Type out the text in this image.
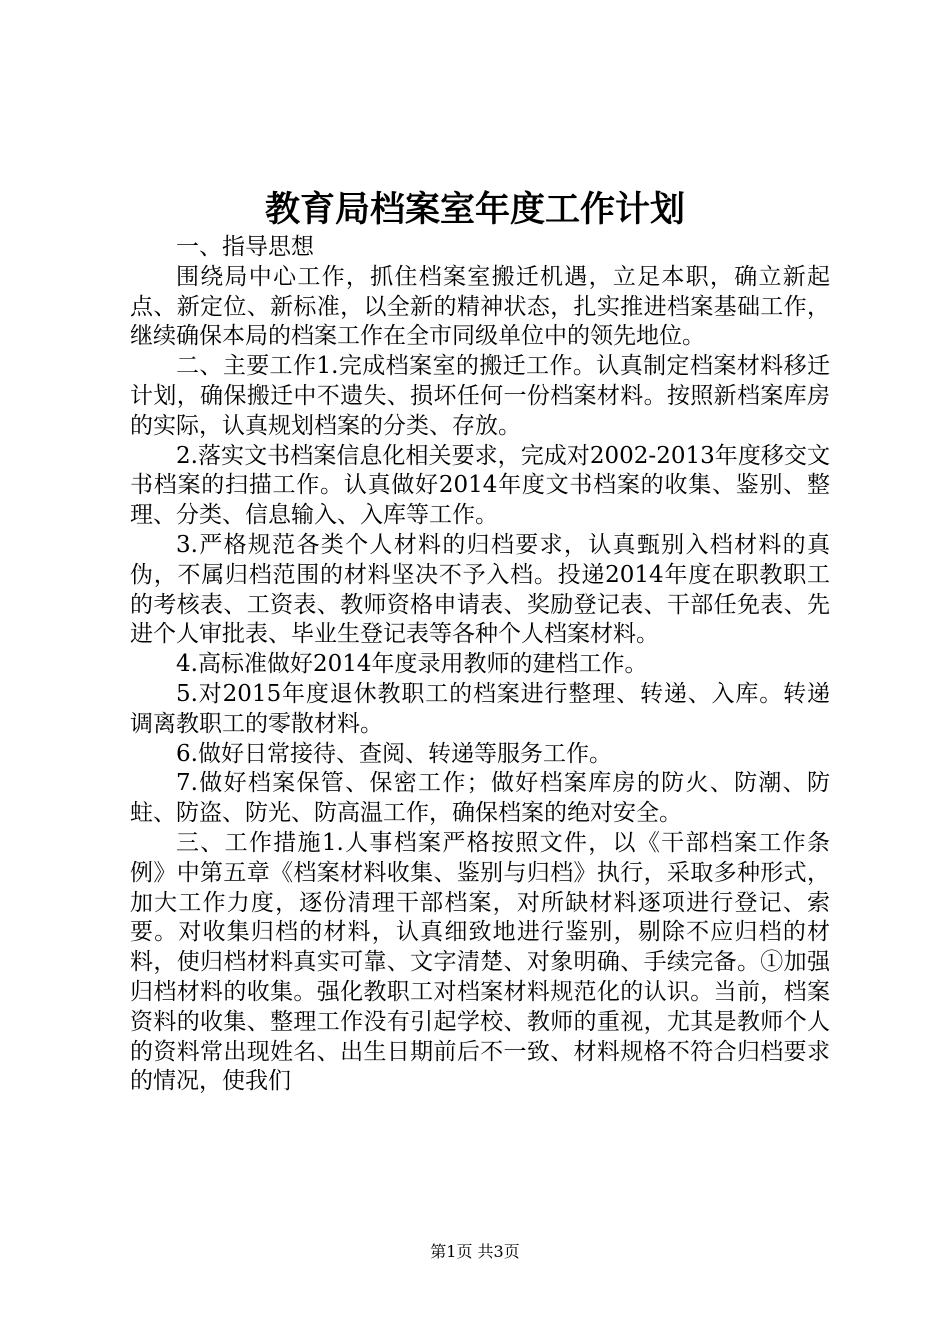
教育局档案室年度工作计划

一、指导思想

围绕局中心工作，抓住档案室搬迁机遇，立足本职，确立新起点、新定位、新标准，以全新的精神状态，扎实推进档案基础工作，继续确保本局的档案工作在全市同级单位中的领先地位。

二、主要工作1.完成档案室的搬迁工作。认真制定档案材料移迁计划，确保搬迁中不遗失、损坏任何一份档案材料。按照新档案库房的实际，认真规划档案的分类、存放。

2.落实文书档案信息化相关要求，完成对2002-2013年度移交文书档案的扫描工作。认真做好2014年度文书档案的收集、鉴别、整理、分类、信息输入、入库等工作。

3.严格规范各类个人材料的归档要求，认真甄别入档材料的真伪，不属归档范围的材料坚决不予入档。投递2014年度在职教职工的考核表、工资表、教师资格申请表、奖励登记表、干部任免表、先进个人审批表、毕业生登记表等各种个人档案材料。

4.高标准做好2014年度录用教师的建档工作。

5.对2015年度退休教职工的档案进行整理、转递、入库。转递调离教职工的零散材料。

6.做好日常接待、查阅、转递等服务工作。

7.做好档案保管、保密工作；做好档案库房的防火、防潮、防蛀、防盗、防光、防高温工作，确保档案的绝对安全。

三、工作措施1.人事档案严格按照文件，以《干部档案工作条例》中第五章《档案材料收集、鉴别与归档》执行，采取多种形式，加大工作力度，逐份清理干部档案，对所缺材料逐项进行登记、索要。对收集归档的材料，认真细致地进行鉴别，剔除不应归档的材料，使归档材料真实可靠、文字清楚、对象明确、手续完备。①加强归档材料的收集。强化教职工对档案材料规范化的认识。当前，档案资料的收集、整理工作没有引起学校、教师的重视，尤其是教师个人的资料常出现姓名、出生日期前后不一致、材料规格不符合归档要求的情况，使我们

第1页 共3页
